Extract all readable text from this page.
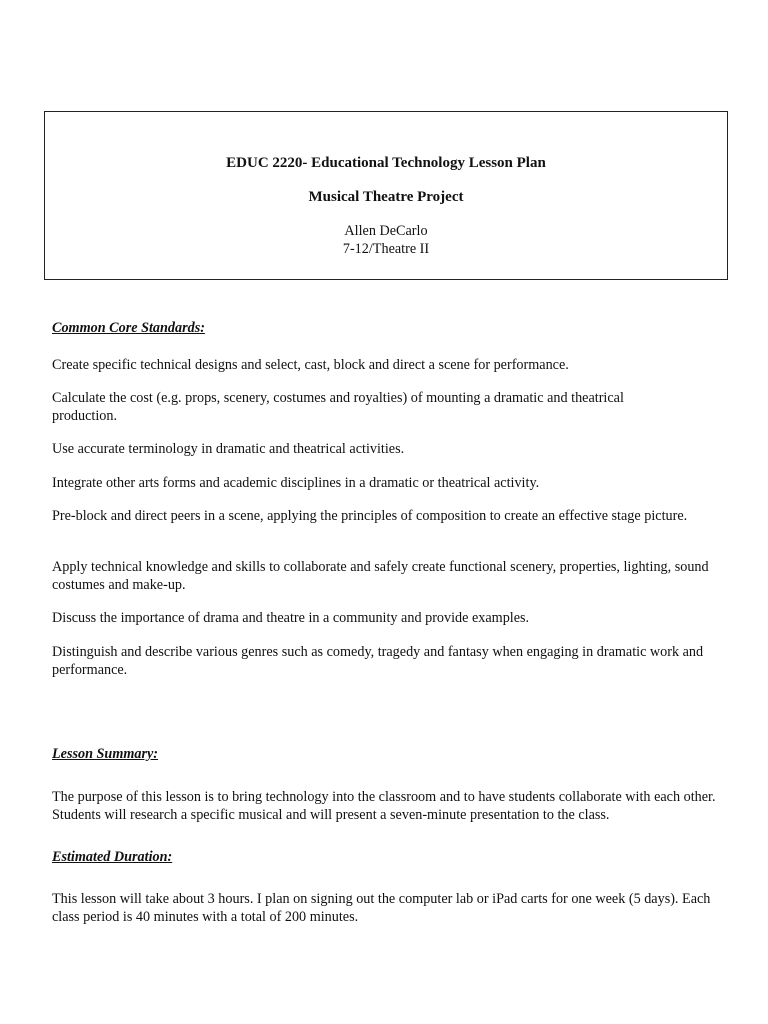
EDUC 2220- Educational Technology Lesson Plan
Musical Theatre Project
Allen DeCarlo
7-12/Theatre II
Common Core Standards:
Create specific technical designs and select, cast, block and direct a scene for performance.
Calculate the cost (e.g. props, scenery, costumes and royalties) of mounting a dramatic and theatrical production.
Use accurate terminology in dramatic and theatrical activities.
Integrate other arts forms and academic disciplines in a dramatic or theatrical activity.
Pre-block and direct peers in a scene, applying the principles of composition to create an effective stage picture.
Apply technical knowledge and skills to collaborate and safely create functional scenery, properties, lighting, sound costumes and make-up.
Discuss the importance of drama and theatre in a community and provide examples.
Distinguish and describe various genres such as comedy, tragedy and fantasy when engaging in dramatic work and performance.
Lesson Summary:
The purpose of this lesson is to bring technology into the classroom and to have students collaborate with each other. Students will research a specific musical and will present a seven-minute presentation to the class.
Estimated Duration:
This lesson will take about 3 hours. I plan on signing out the computer lab or iPad carts for one week (5 days). Each class period is 40 minutes with a total of 200 minutes.
